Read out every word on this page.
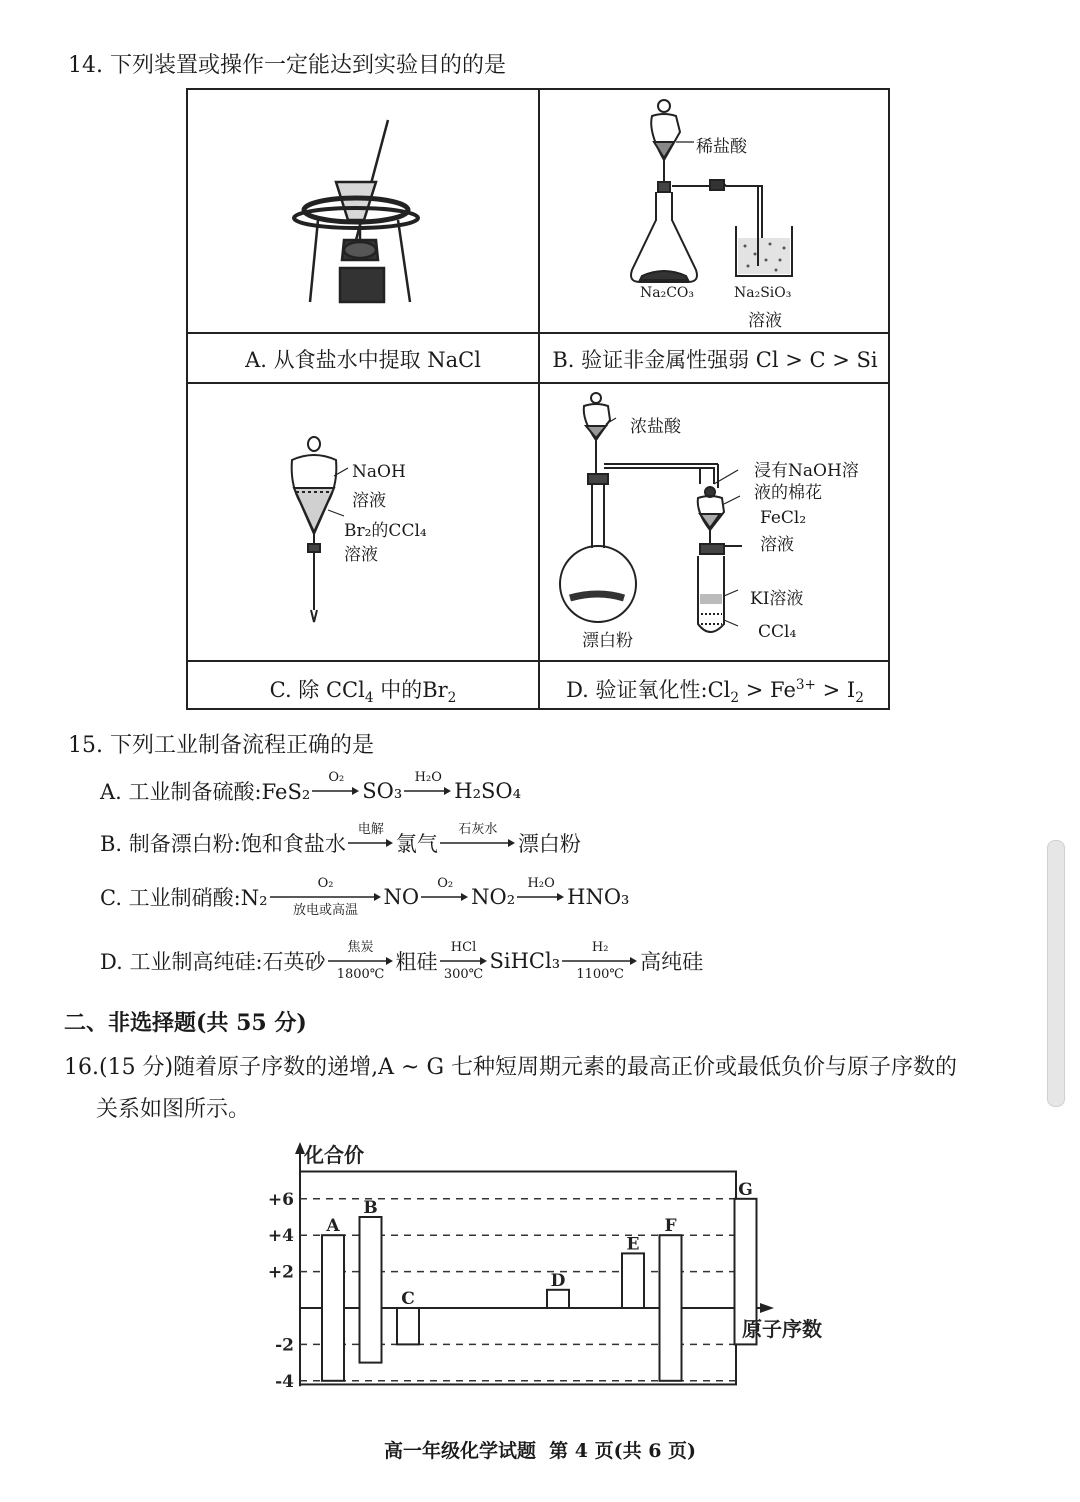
14. 下列装置或操作一定能达到实验目的的是
A. 从食盐水中提取 NaCl
稀盐酸
Na₂CO₃	Na₂SiO₃
溶液
B. 验证非金属性强弱 Cl > C > Si
NaOH
溶液
Br₂的CCl₄
溶液
C. 除 CCl$_4$ 中的$Br_2$
浓盐酸
浸有NaOH溶
液的棉花
FeCl₂
溶液
KI溶液
CCl₄
漂白粉
D. 验证氧化性$:Cl_2 > Fe^{3+} > I_2$
15. 下列工业制备流程正确的是
A. 工业制备硫酸:FeS₂
O₂
SO₃
H₂O
H₂SO₄
B. 制备漂白粉:饱和食盐水
电解
氯气
石灰水
漂白粉
C. 工业制硝酸:N₂
O₂
放电或高温
NO
O₂
NO₂
H₂O
HNO₃
D. 工业制高纯硅:石英砂
焦炭
1800℃
粗硅
HCl
300℃
SiHCl₃
H₂
1100℃
高纯硅
二、非选择题(共 55 分)
16.(15 分)随着原子序数的递增,A ~ G 七种短周期元素的最高正价或最低负价与原子序数的
关系如图所示。
A
B
C
D
E
F
G
+6
+4
+2
-2
-4
化合价
原子序数
高一年级化学试题  第 4 页(共 6 页)
